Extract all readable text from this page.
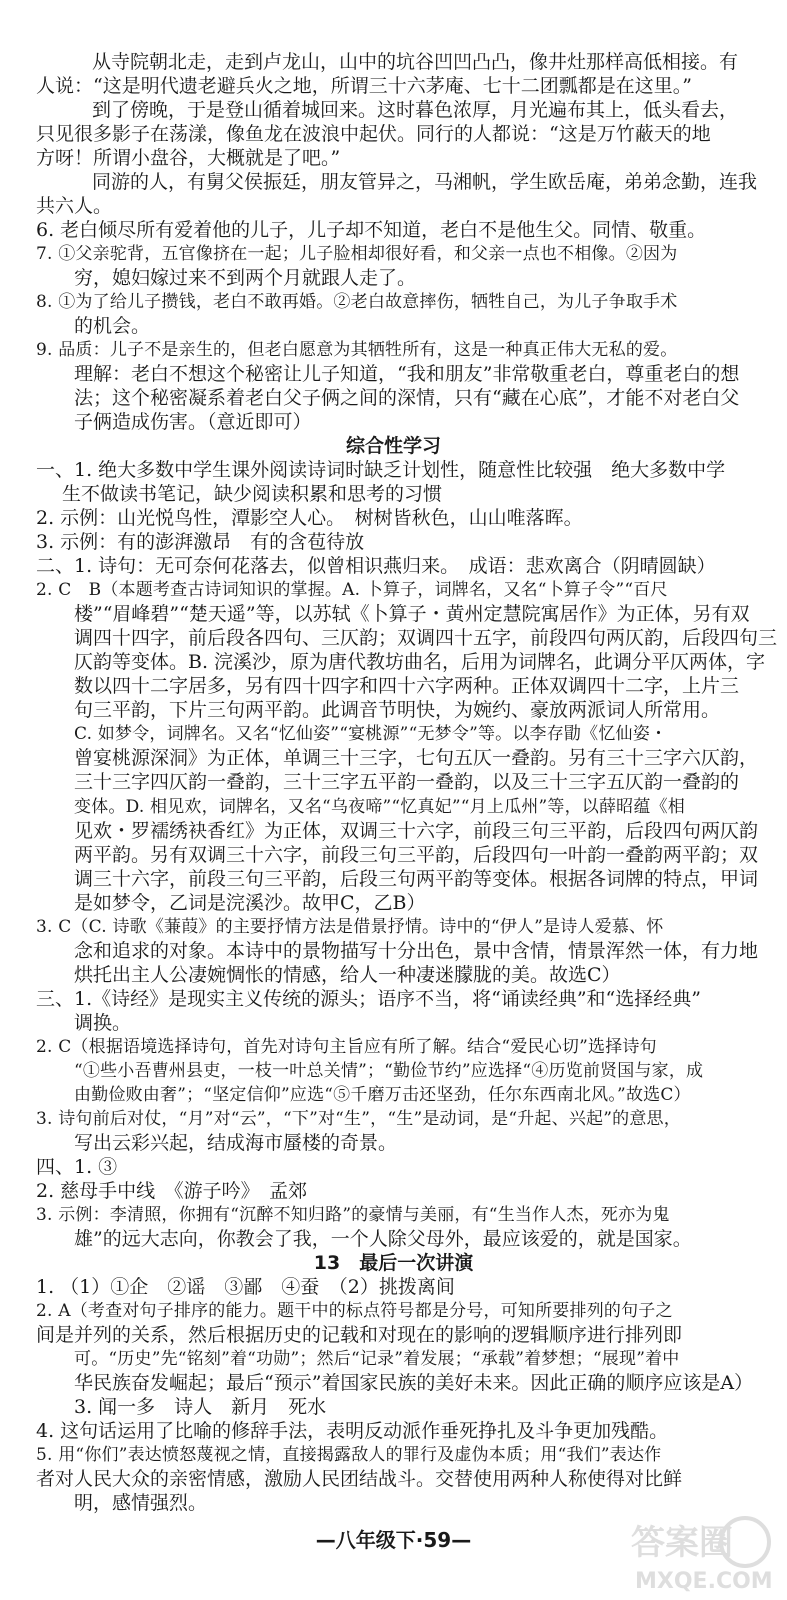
从寺院朝北走，走到卢龙山，山中的坑谷凹凹凸凸，像井灶那样高低相接。有
人说：“这是明代遗老避兵火之地，所谓三十六茅庵、七十二团瓢都是在这里。”
到了傍晚，于是登山循着城回来。这时暮色浓厚，月光遍布其上，低头看去，
只见很多影子在荡漾，像鱼龙在波浪中起伏。同行的人都说：“这是万竹蔽天的地
方呀！所谓小盘谷，大概就是了吧。”
同游的人，有舅父侯振廷，朋友管异之，马湘帆，学生欧岳庵，弟弟念勤，连我
共六人。
6. 老白倾尽所有爱着他的儿子，儿子却不知道，老白不是他生父。同情、敬重。
7. ①父亲驼背，五官像挤在一起；儿子脸相却很好看，和父亲一点也不相像。②因为
穷，媳妇嫁过来不到两个月就跟人走了。
8. ①为了给儿子攒钱，老白不敢再婚。②老白故意摔伤，牺牲自己，为儿子争取手术
的机会。
9. 品质：儿子不是亲生的，但老白愿意为其牺牲所有，这是一种真正伟大无私的爱。
理解：老白不想这个秘密让儿子知道，“我和朋友”非常敬重老白，尊重老白的想
法；这个秘密凝系着老白父子俩之间的深情，只有“藏在心底”，才能不对老白父
子俩造成伤害。（意近即可）
综合性学习
一、1. 绝大多数中学生课外阅读诗词时缺乏计划性，随意性比较强　绝大多数中学
生不做读书笔记，缺少阅读积累和思考的习惯
2. 示例：山光悦鸟性，潭影空人心。　树树皆秋色，山山唯落晖。
3. 示例：有的澎湃激昂　有的含苞待放
二、1. 诗句：无可奈何花落去，似曾相识燕归来。　成语：悲欢离合（阴晴圆缺）
2. C　B（本题考查古诗词知识的掌握。A. 卜算子，词牌名，又名“卜算子令”“百尺
楼”“眉峰碧”“楚天遥”等，以苏轼《卜算子・黄州定慧院寓居作》为正体，另有双
调四十四字，前后段各四句、三仄韵；双调四十五字，前段四句两仄韵，后段四句三
仄韵等变体。B. 浣溪沙，原为唐代教坊曲名，后用为词牌名，此调分平仄两体，字
数以四十二字居多，另有四十四字和四十六字两种。正体双调四十二字，上片三
句三平韵，下片三句两平韵。此调音节明快，为婉约、豪放两派词人所常用。
C. 如梦令，词牌名。又名“忆仙姿”“宴桃源”“无梦令”等。以李存勖《忆仙姿・
曾宴桃源深洞》为正体，单调三十三字，七句五仄一叠韵。另有三十三字六仄韵，
三十三字四仄韵一叠韵，三十三字五平韵一叠韵，以及三十三字五仄韵一叠韵的
变体。D. 相见欢，词牌名，又名“乌夜啼”“忆真妃”“月上瓜州”等，以薛昭蕴《相
见欢・罗襦绣袂香红》为正体，双调三十六字，前段三句三平韵，后段四句两仄韵
两平韵。另有双调三十六字，前段三句三平韵，后段四句一叶韵一叠韵两平韵；双
调三十六字，前段三句三平韵，后段三句两平韵等变体。根据各词牌的特点，甲词
是如梦令，乙词是浣溪沙。故甲C，乙B）
3. C（C. 诗歌《蒹葭》的主要抒情方法是借景抒情。诗中的“伊人”是诗人爱慕、怀
念和追求的对象。本诗中的景物描写十分出色，景中含情，情景浑然一体，有力地
烘托出主人公凄婉惆怅的情感，给人一种凄迷朦胧的美。故选C）
三、1.《诗经》是现实主义传统的源头；语序不当，将“诵读经典”和“选择经典”
调换。
2. C（根据语境选择诗句，首先对诗句主旨应有所了解。结合“爱民心切”选择诗句
“①些小吾曹州县吏，一枝一叶总关情”；“勤俭节约”应选择“④历览前贤国与家，成
由勤俭败由奢”；“坚定信仰”应选“⑤千磨万击还坚劲，任尔东西南北风。”故选C）
3. 诗句前后对仗，“月”对“云”，“下”对“生”，“生”是动词，是“升起、兴起”的意思，
写出云彩兴起，结成海市蜃楼的奇景。
四、1. ③
2. 慈母手中线　《游子吟》　孟郊
3. 示例：李清照，你拥有“沉醉不知归路”的豪情与美丽，有“生当作人杰，死亦为鬼
雄”的远大志向，你教会了我，一个人除父母外，最应该爱的，就是国家。
13　最后一次讲演
1. （1）①企　②谣　③鄙　④蚕　（2）挑拨离间
2. A（考查对句子排序的能力。题干中的标点符号都是分号，可知所要排列的句子之
间是并列的关系，然后根据历史的记载和对现在的影响的逻辑顺序进行排列即
可。“历史”先“铭刻”着“功勋”；然后“记录”着发展；“承载”着梦想；“展现”着中
华民族奋发崛起；最后“预示”着国家民族的美好未来。因此正确的顺序应该是A）
3. 闻一多　诗人　新月　死水
4. 这句话运用了比喻的修辞手法，表明反动派作垂死挣扎及斗争更加残酷。
5. 用“你们”表达愤怒蔑视之情，直接揭露敌人的罪行及虚伪本质；用“我们”表达作
者对人民大众的亲密情感，激励人民团结战斗。交替使用两种人称使得对比鲜
明，感情强烈。
—八年级下·59—	答案圈
MXQE.COM
